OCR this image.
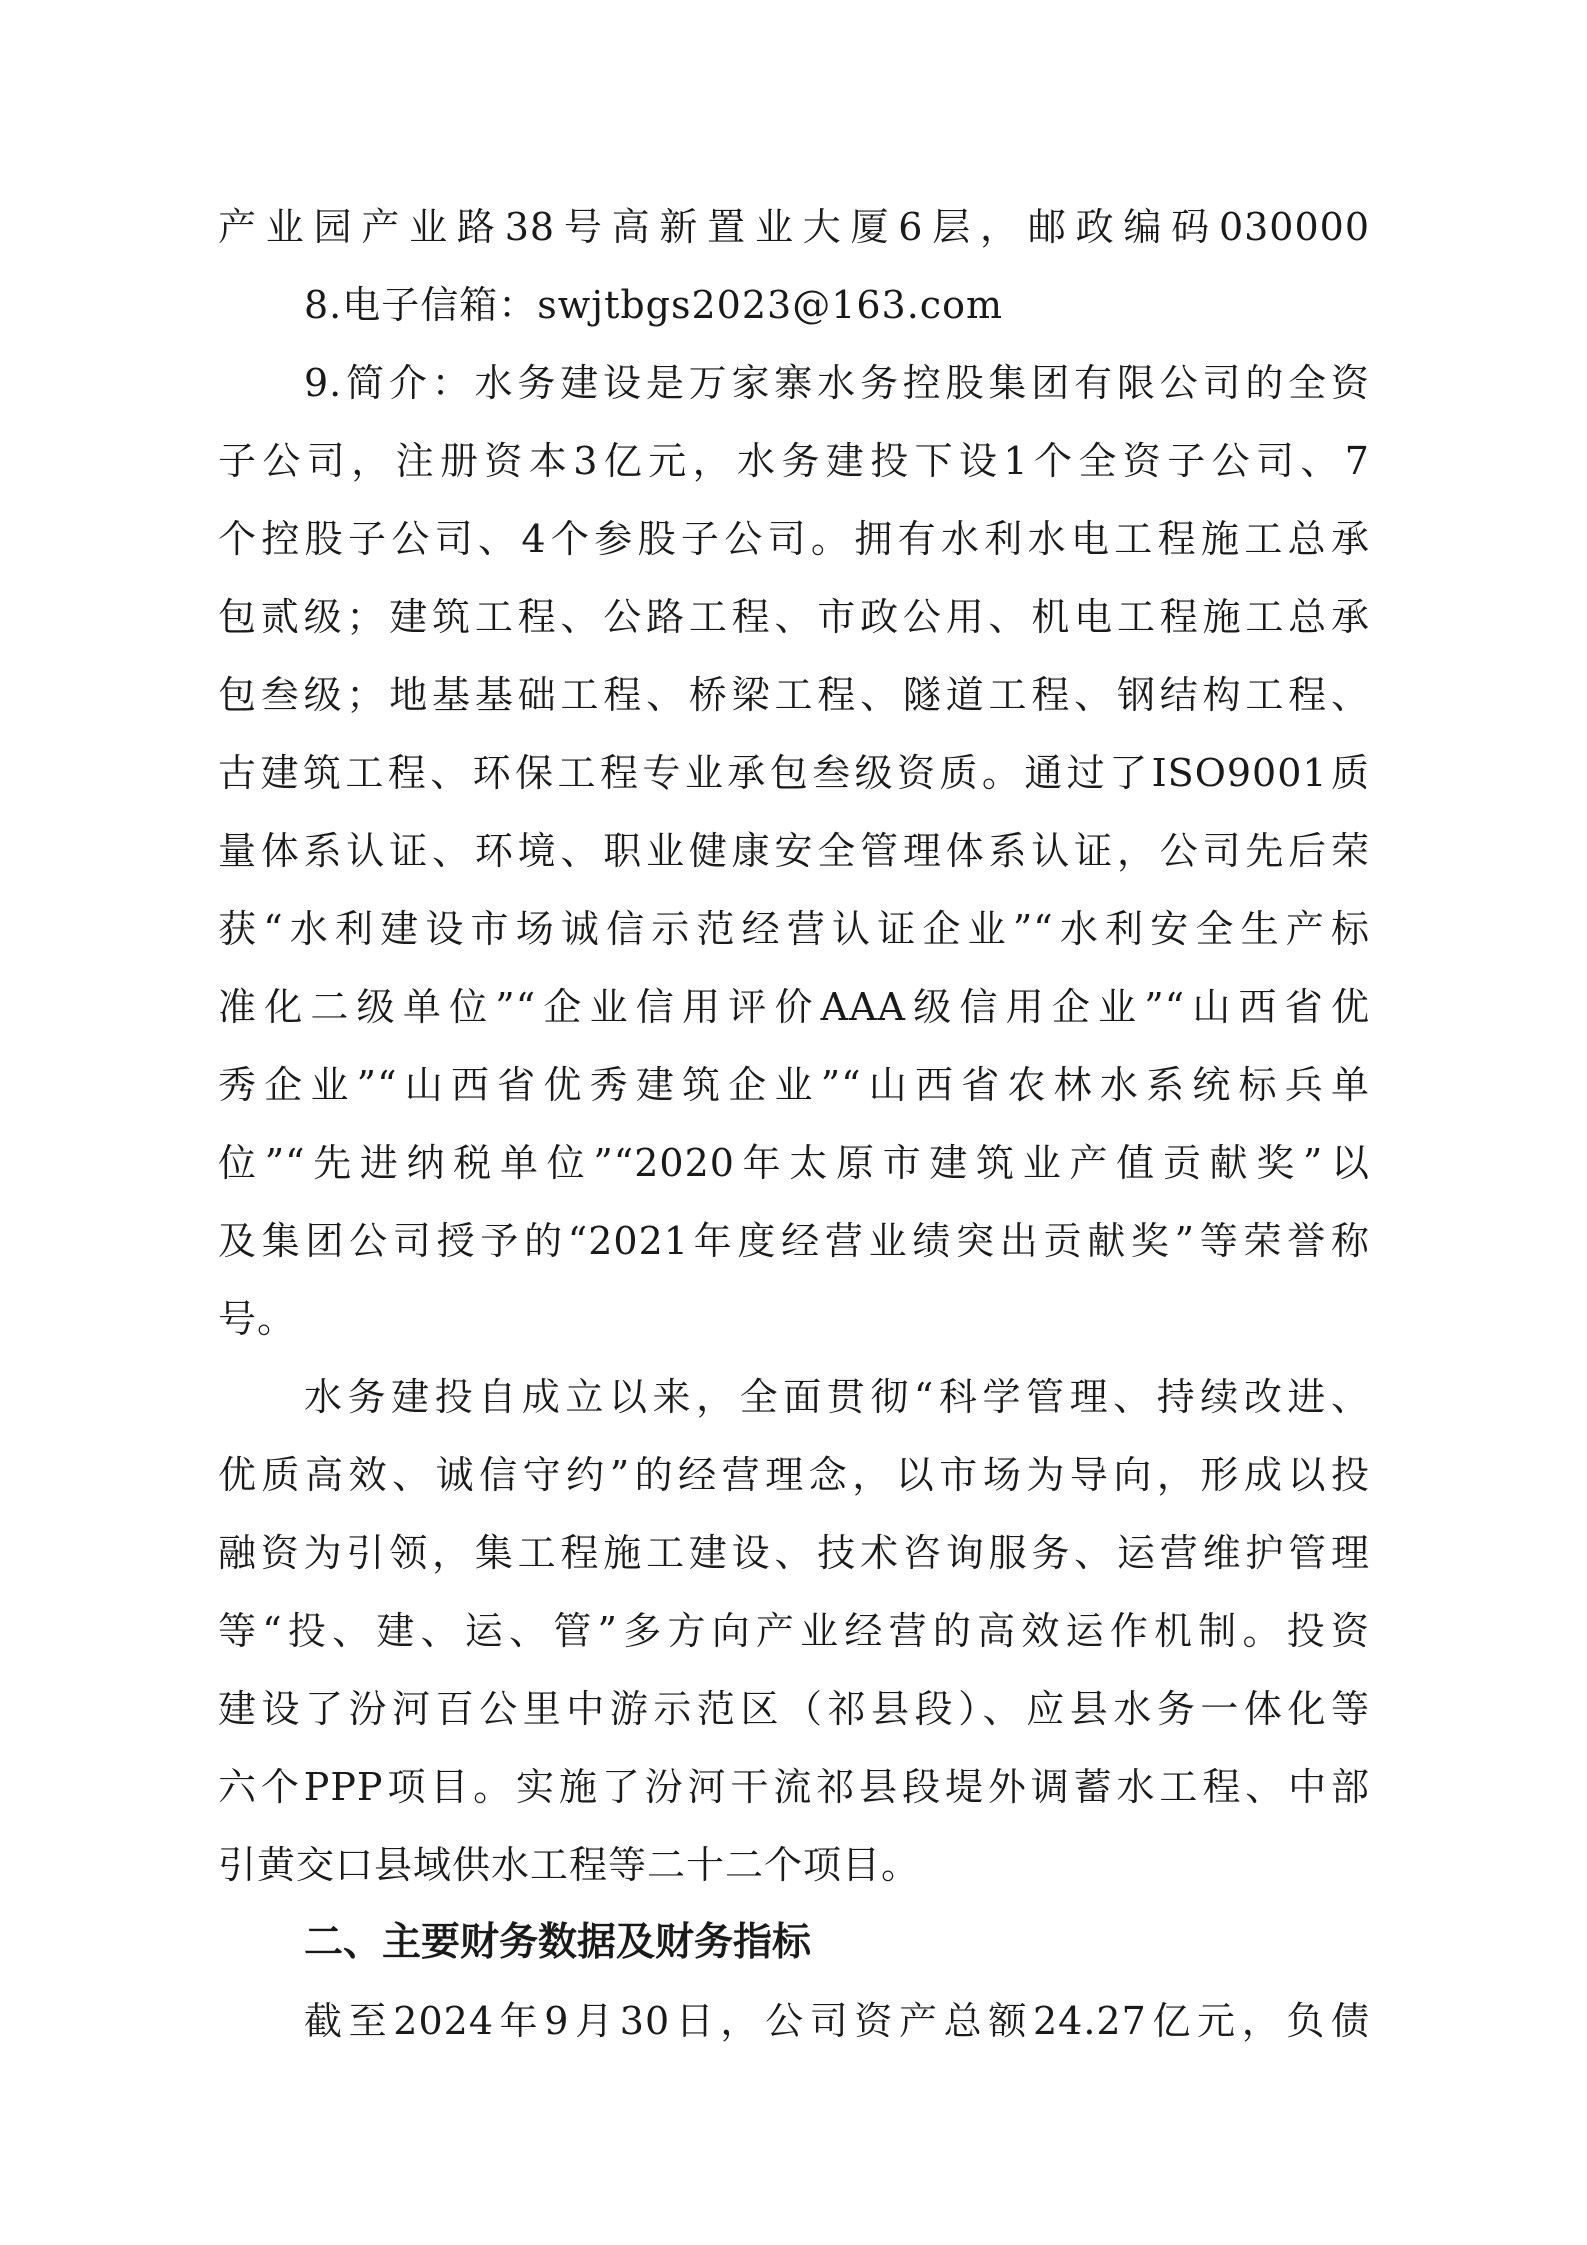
产业园产业路38号高新置业大厦6层，邮政编码030000
8.电子信箱：swjtbgs2023@163.com
9.简介：水务建设是万家寨水务控股集团有限公司的全资
子公司，注册资本3亿元，水务建投下设1个全资子公司、7
个控股子公司、4个参股子公司。拥有水利水电工程施工总承
包贰级；建筑工程、公路工程、市政公用、机电工程施工总承
包叁级；地基基础工程、桥梁工程、隧道工程、钢结构工程、
古建筑工程、环保工程专业承包叁级资质。通过了ISO9001质
量体系认证、环境、职业健康安全管理体系认证，公司先后荣
获“水利建设市场诚信示范经营认证企业”“水利安全生产标
准化二级单位”“企业信用评价AAA级信用企业”“山西省优
秀企业”“山西省优秀建筑企业”“山西省农林水系统标兵单
位”“先进纳税单位”“2020年太原市建筑业产值贡献奖”以
及集团公司授予的“2021年度经营业绩突出贡献奖”等荣誉称
号。
水务建投自成立以来，全面贯彻“科学管理、持续改进、
优质高效、诚信守约”的经营理念，以市场为导向，形成以投
融资为引领，集工程施工建设、技术咨询服务、运营维护管理
等“投、建、运、管”多方向产业经营的高效运作机制。投资
建设了汾河百公里中游示范区（祁县段）、应县水务一体化等
六个PPP项目。实施了汾河干流祁县段堤外调蓄水工程、中部
引黄交口县域供水工程等二十二个项目。
二、主要财务数据及财务指标
截至2024年9月30日，公司资产总额24.27亿元，负债
